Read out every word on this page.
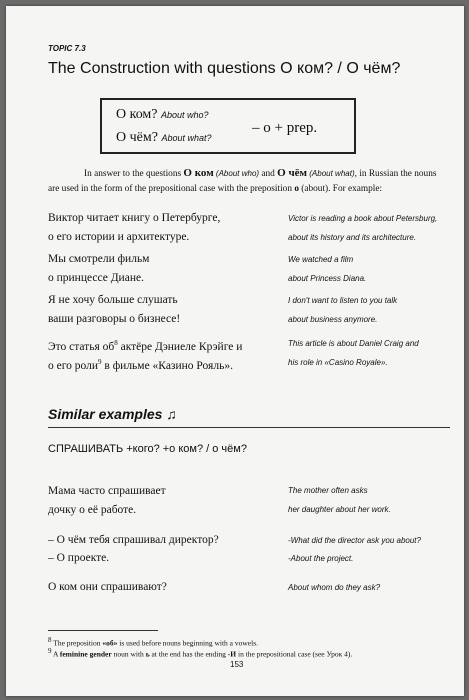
TOPIC 7.3
The Construction with questions О ком? / О чём?
О ком? About who?
О чём? About what?
– о + prep.
In answer to the questions О ком (About who) and О чём (About what), in Russian the nouns are used in the form of the prepositional case with the preposition о (about). For example:
Виктор читает книгу о Петербурге,
о его истории и архитектуре.
Victor is reading a book about Petersburg,
about its history and its architecture.
Мы смотрели фильм
о принцессе Диане.
We watched a film
about Princess Diana.
Я не хочу больше слушать
ваши разговоры о бизнесе!
I don't want to listen to you talk
about business anymore.
Это статья $об^8$ актёре Дэниеле Крэйге и
о его роли$^9$ в фильме «Казино Рояль».
This article is about Daniel Craig and
his role in «Casino Royale».
Similar examples ♫
СПРАШИВАТЬ +кого? +о ком? / о чём?
Мама часто спрашивает
дочку о её работе.
The mother often asks
her daughter about her work.
– О чём тебя спрашивал директор?
– О проекте.
-What did the director ask you about?
-About the project.
О ком они спрашивают?	About whom do they ask?
$^8$ The preposition «об» is used before nouns beginning with a vowels.
$^9$ A feminine gender noun with ь at the end has the ending -И in the prepositional case (see Урок 4).
153
